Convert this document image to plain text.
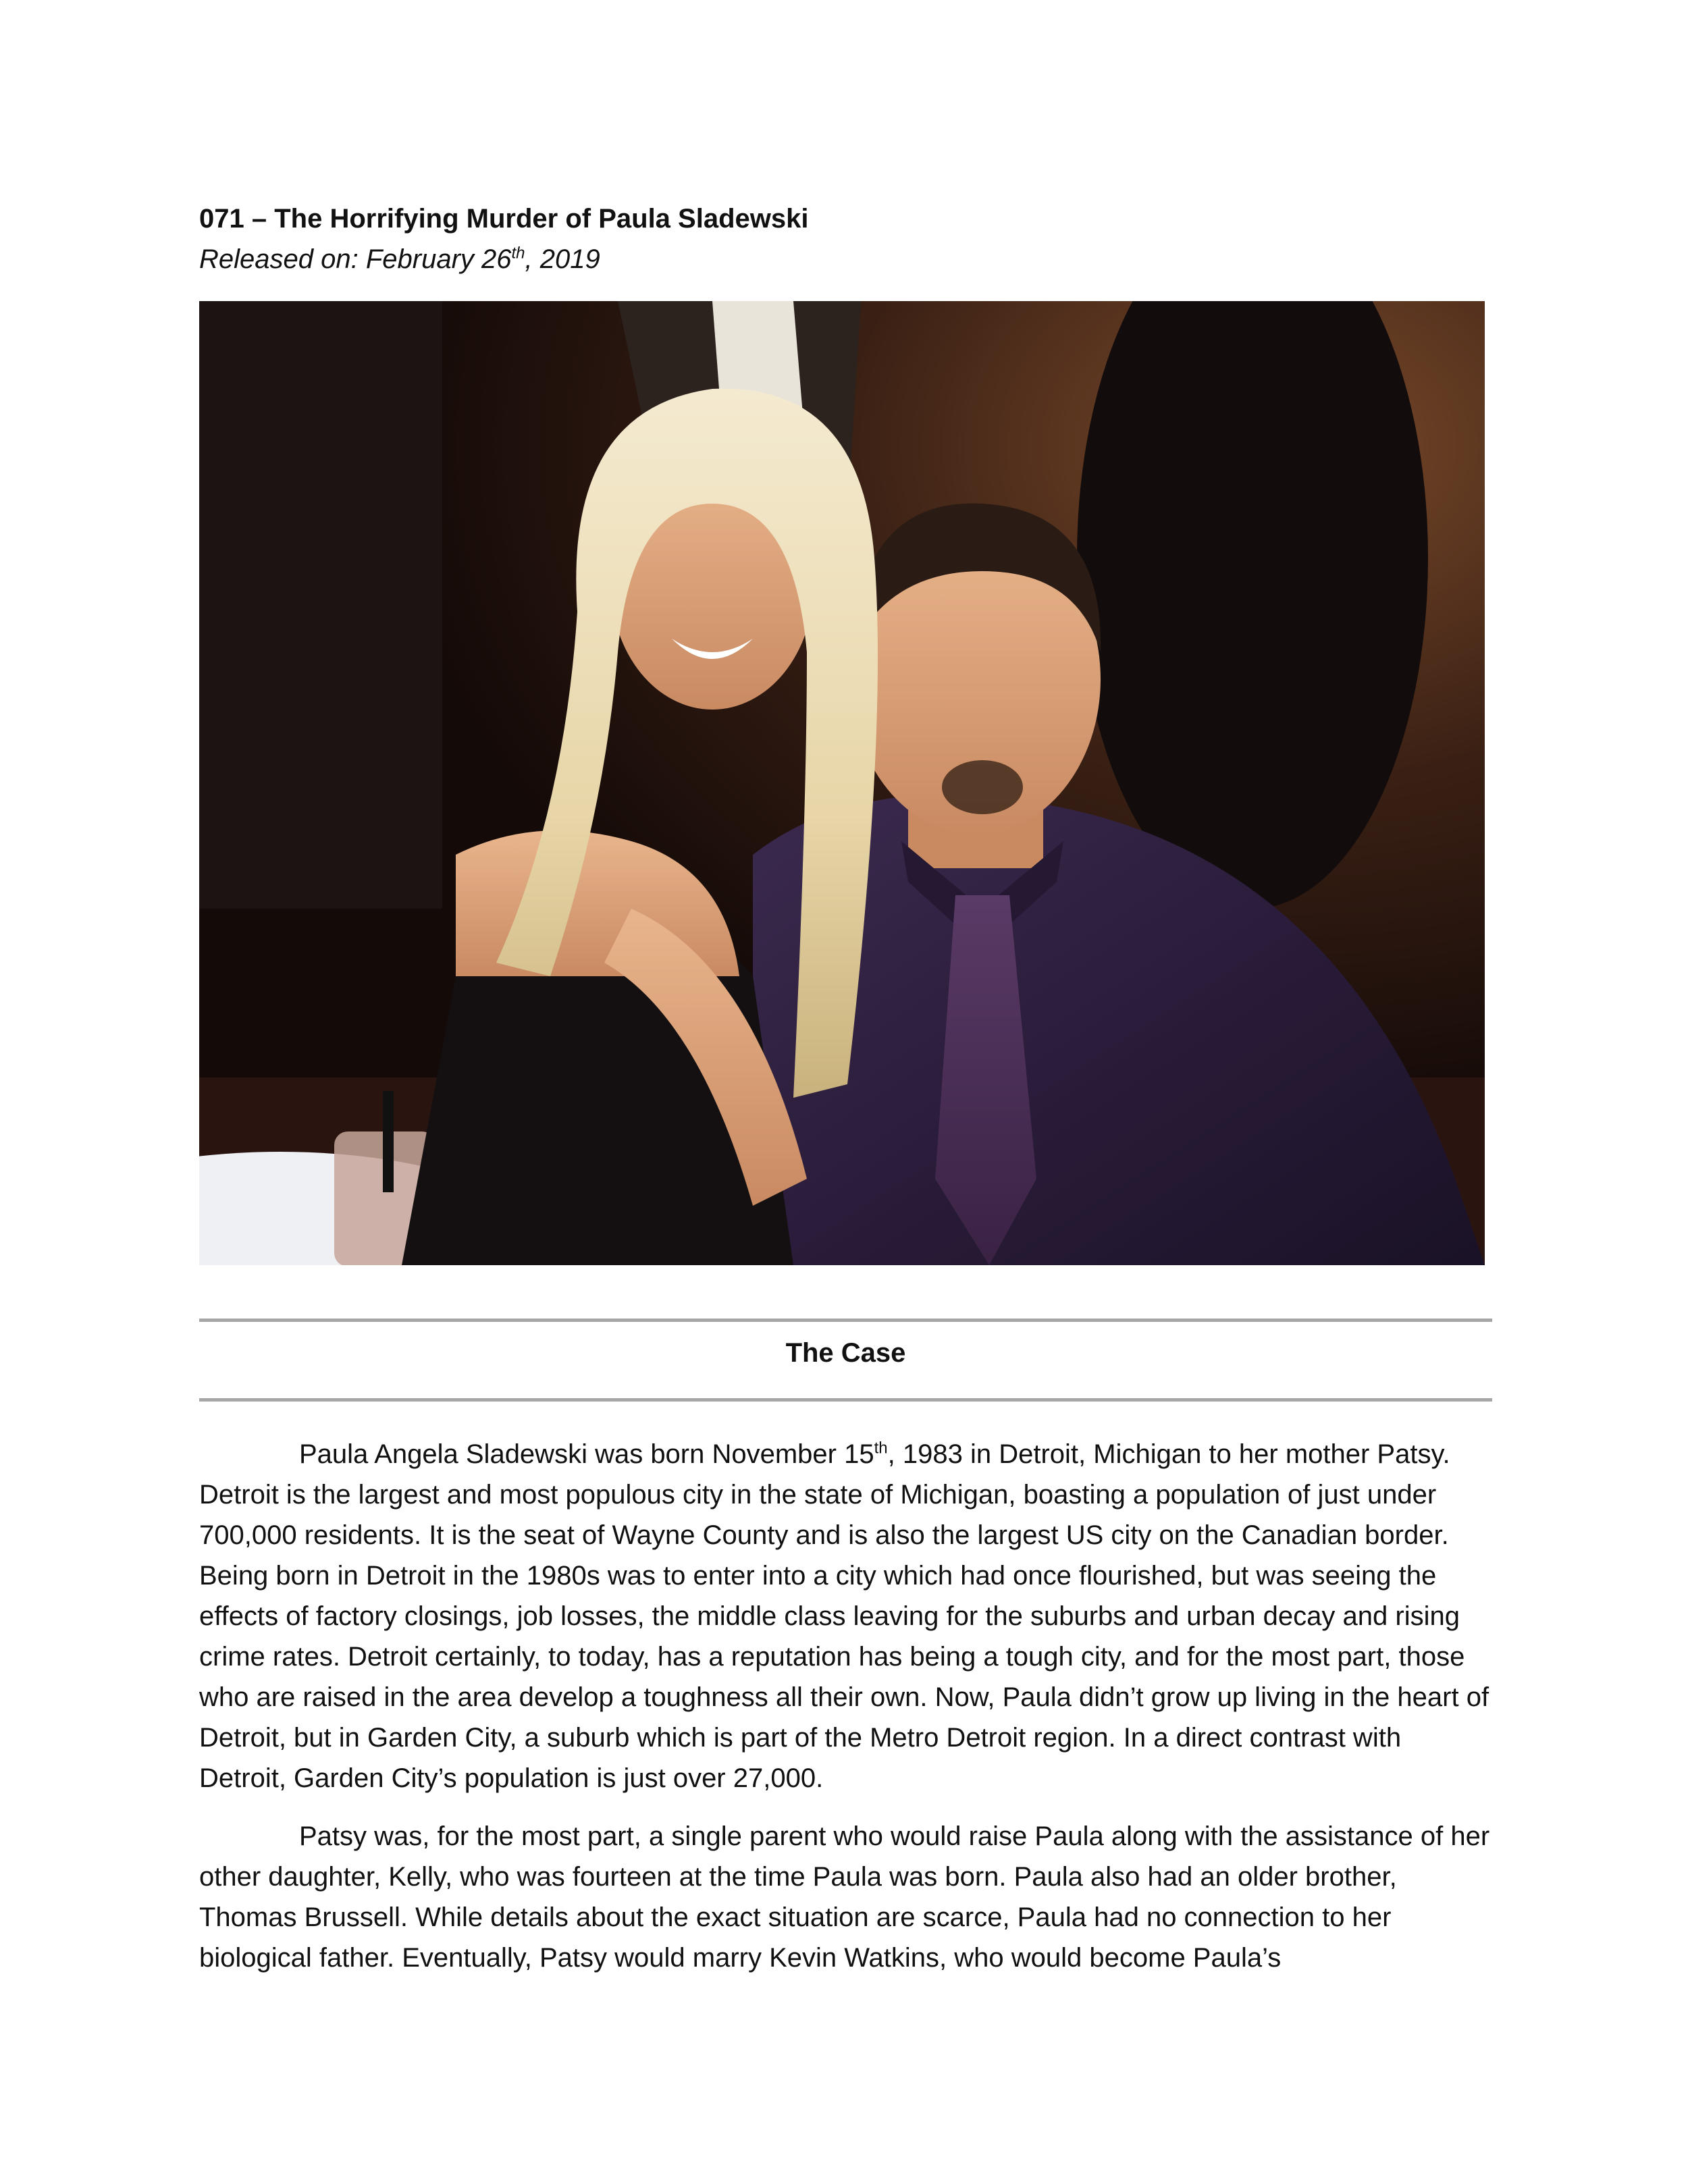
071 – The Horrifying Murder of Paula Sladewski
Released on: February 26th, 2019
The Case

Paula Angela Sladewski was born November 15th, 1983 in Detroit, Michigan to her mother Patsy. Detroit is the largest and most populous city in the state of Michigan, boasting a population of just under 700,000 residents. It is the seat of Wayne County and is also the largest US city on the Canadian border. Being born in Detroit in the 1980s was to enter into a city which had once flourished, but was seeing the effects of factory closings, job losses, the middle class leaving for the suburbs and urban decay and rising crime rates. Detroit certainly, to today, has a reputation has being a tough city, and for the most part, those who are raised in the area develop a toughness all their own. Now, Paula didn’t grow up living in the heart of Detroit, but in Garden City, a suburb which is part of the Metro Detroit region. In a direct contrast with Detroit, Garden City’s population is just over 27,000.

Patsy was, for the most part, a single parent who would raise Paula along with the assistance of her other daughter, Kelly, who was fourteen at the time Paula was born. Paula also had an older brother, Thomas Brussell. While details about the exact situation are scarce, Paula had no connection to her biological father. Eventually, Patsy would marry Kevin Watkins, who would become Paula’s
